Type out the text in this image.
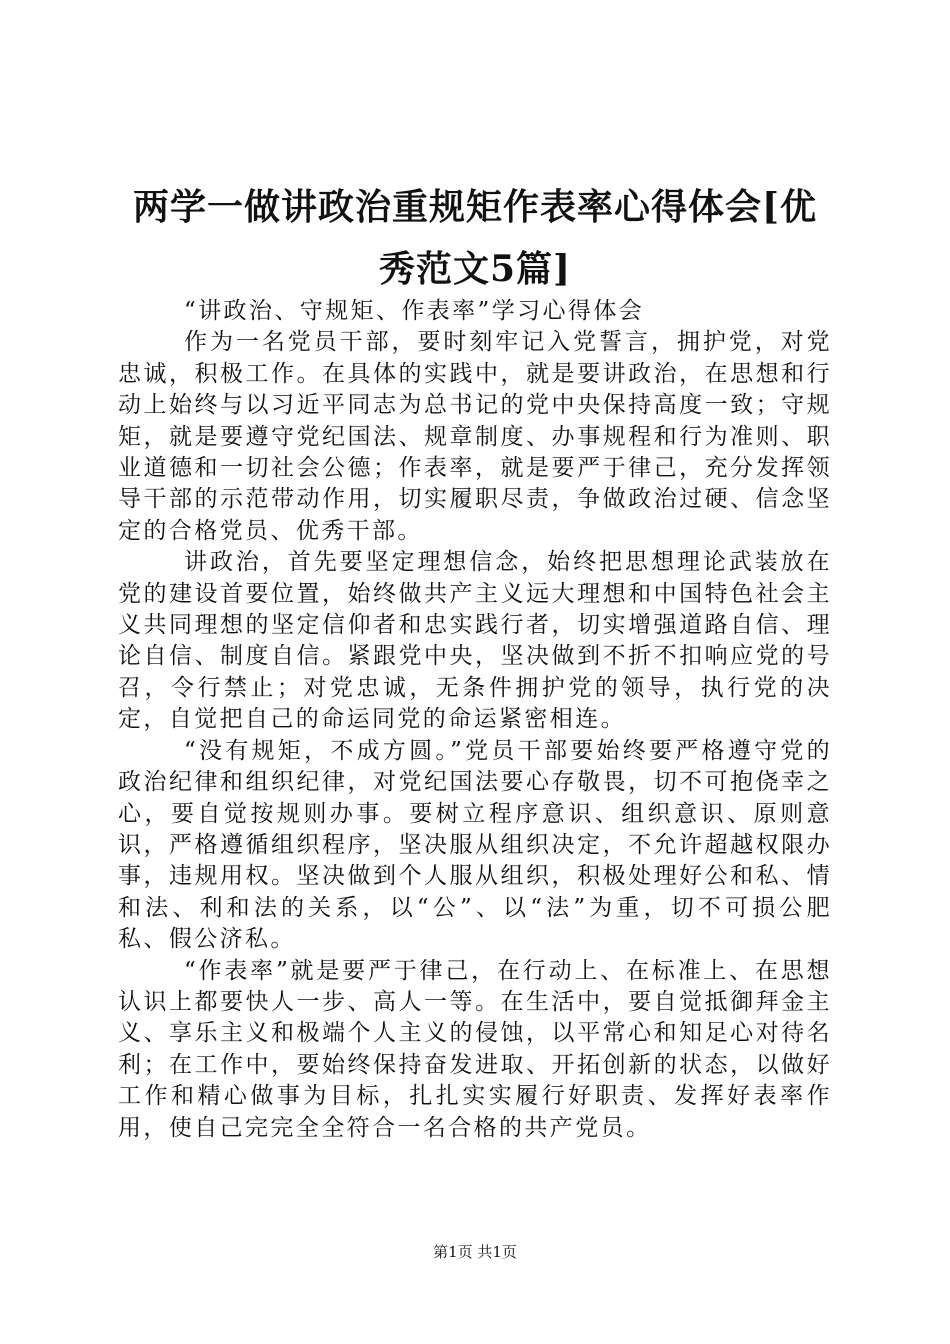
两学一做讲政治重规矩作表率心得体会[优秀范文5篇]

“讲政治、守规矩、作表率”学习心得体会

作为一名党员干部，要时刻牢记入党誓言，拥护党，对党忠诚，积极工作。在具体的实践中，就是要讲政治，在思想和行动上始终与以习近平同志为总书记的党中央保持高度一致；守规矩，就是要遵守党纪国法、规章制度、办事规程和行为准则、职业道德和一切社会公德；作表率，就是要严于律己，充分发挥领导干部的示范带动作用，切实履职尽责，争做政治过硬、信念坚定的合格党员、优秀干部。

讲政治，首先要坚定理想信念，始终把思想理论武装放在党的建设首要位置，始终做共产主义远大理想和中国特色社会主义共同理想的坚定信仰者和忠实践行者，切实增强道路自信、理论自信、制度自信。紧跟党中央，坚决做到不折不扣响应党的号召，令行禁止；对党忠诚，无条件拥护党的领导，执行党的决定，自觉把自己的命运同党的命运紧密相连。

“没有规矩，不成方圆。”党员干部要始终要严格遵守党的政治纪律和组织纪律，对党纪国法要心存敬畏，切不可抱侥幸之心，要自觉按规则办事。要树立程序意识、组织意识、原则意识，严格遵循组织程序，坚决服从组织决定，不允许超越权限办事，违规用权。坚决做到个人服从组织，积极处理好公和私、情和法、利和法的关系，以“公”、以“法”为重，切不可损公肥私、假公济私。

“作表率”就是要严于律己，在行动上、在标准上、在思想认识上都要快人一步、高人一等。在生活中，要自觉抵御拜金主义、享乐主义和极端个人主义的侵蚀，以平常心和知足心对待名利；在工作中，要始终保持奋发进取、开拓创新的状态，以做好工作和精心做事为目标，扎扎实实履行好职责、发挥好表率作用，使自己完完全全符合一名合格的共产党员。

第1页 共1页
